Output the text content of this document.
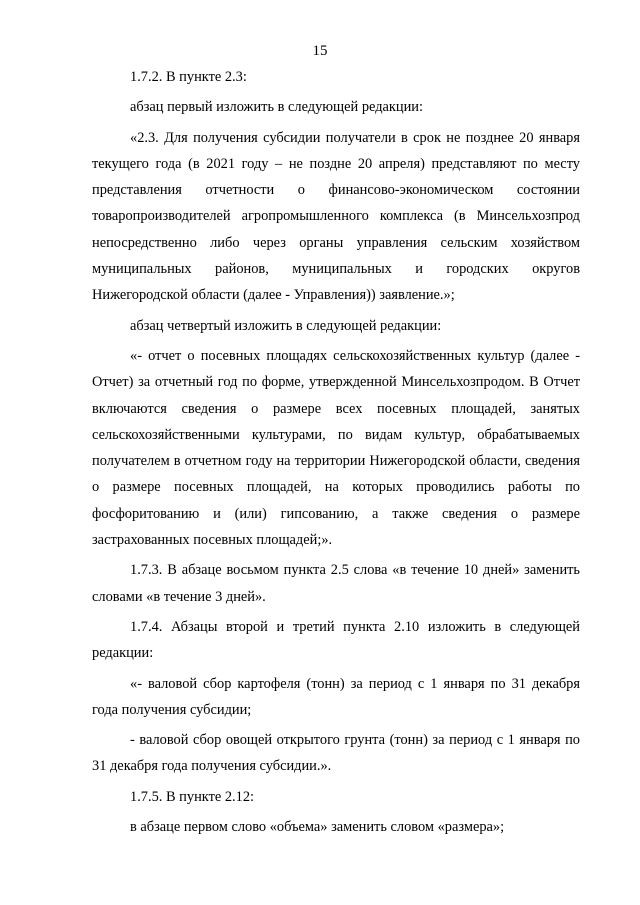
15

1.7.2. В пункте 2.3:

абзац первый изложить в следующей редакции:

«2.3. Для получения субсидии получатели в срок не позднее 20 января текущего года (в 2021 году – не поздне 20 апреля) представляют по месту представления отчетности о финансово-экономическом состоянии товаропроизводителей агропромышленного комплекса (в Минсельхозпрод непосредственно либо через органы управления сельским хозяйством муниципальных районов, муниципальных и городских округов Нижегородской области (далее - Управления)) заявление.»;

абзац четвертый изложить в следующей редакции:

«- отчет о посевных площадях сельскохозяйственных культур (далее - Отчет) за отчетный год по форме, утвержденной Минсельхозпродом. В Отчет включаются сведения о размере всех посевных площадей, занятых сельскохозяйственными культурами, по видам культур, обрабатываемых получателем в отчетном году на территории Нижегородской области, сведения о размере посевных площадей, на которых проводились работы по фосфоритованию и (или) гипсованию, а также сведения о размере застрахованных посевных площадей;».

1.7.3. В абзаце восьмом пункта 2.5 слова «в течение 10 дней» заменить словами «в течение 3 дней».

1.7.4. Абзацы второй и третий пункта 2.10 изложить в следующей редакции:

«- валовой сбор картофеля (тонн) за период с 1 января по 31 декабря года получения субсидии;

- валовой сбор овощей открытого грунта (тонн) за период с 1 января по 31 декабря года получения субсидии.».

1.7.5. В пункте 2.12:

в абзаце первом слово «объема» заменить словом «размера»;
